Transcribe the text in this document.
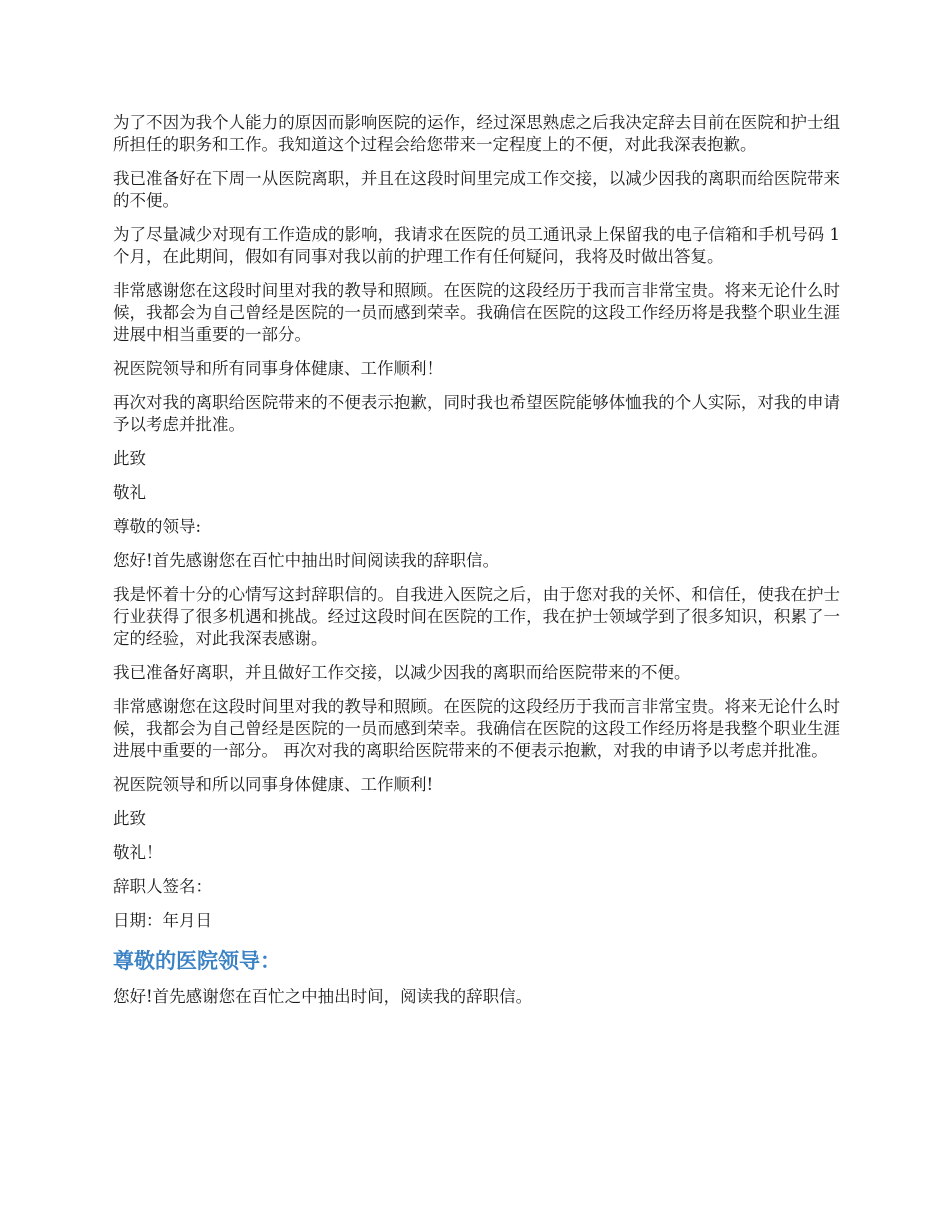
为了不因为我个人能力的原因而影响医院的运作，经过深思熟虑之后我决定辞去目前在医院和护士组所担任的职务和工作。我知道这个过程会给您带来一定程度上的不便，对此我深表抱歉。

我已准备好在下周一从医院离职，并且在这段时间里完成工作交接，以减少因我的离职而给医院带来的不便。

为了尽量减少对现有工作造成的影响，我请求在医院的员工通讯录上保留我的电子信箱和手机号码 1 个月，在此期间，假如有同事对我以前的护理工作有任何疑问，我将及时做出答复。

非常感谢您在这段时间里对我的教导和照顾。在医院的这段经历于我而言非常宝贵。将来无论什么时候，我都会为自己曾经是医院的一员而感到荣幸。我确信在医院的这段工作经历将是我整个职业生涯进展中相当重要的一部分。

祝医院领导和所有同事身体健康、工作顺利！

再次对我的离职给医院带来的不便表示抱歉，同时我也希望医院能够体恤我的个人实际，对我的申请予以考虑并批准。

此致

敬礼

尊敬的领导:

您好!首先感谢您在百忙中抽出时间阅读我的辞职信。

我是怀着十分的心情写这封辞职信的。自我进入医院之后，由于您对我的关怀、和信任，使我在护士行业获得了很多机遇和挑战。经过这段时间在医院的工作，我在护士领域学到了很多知识，积累了一定的经验，对此我深表感谢。

我已准备好离职，并且做好工作交接，以减少因我的离职而给医院带来的不便。

非常感谢您在这段时间里对我的教导和照顾。在医院的这段经历于我而言非常宝贵。将来无论什么时候，我都会为自己曾经是医院的一员而感到荣幸。我确信在医院的这段工作经历将是我整个职业生涯进展中重要的一部分。 再次对我的离职给医院带来的不便表示抱歉，对我的申请予以考虑并批准。

祝医院领导和所以同事身体健康、工作顺利!

此致

敬礼！

辞职人签名：

日期：年月日

尊敬的医院领导：

您好!首先感谢您在百忙之中抽出时间，阅读我的辞职信。
